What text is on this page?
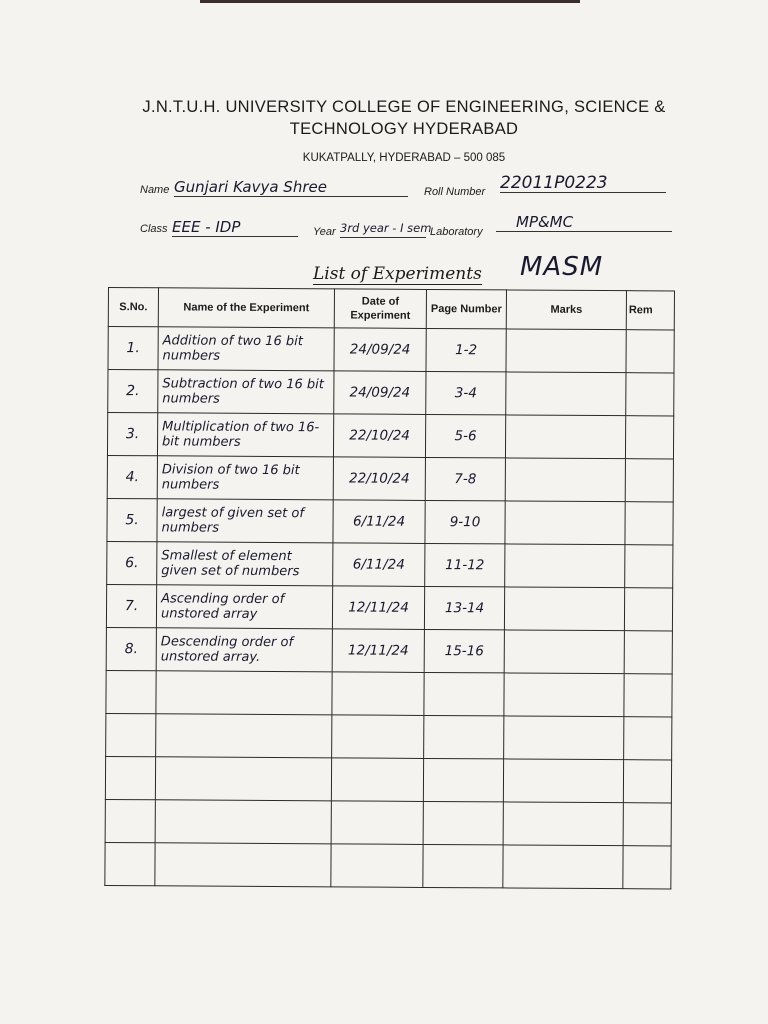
J.N.T.U.H. UNIVERSITY COLLEGE OF ENGINEERING, SCIENCE &
TECHNOLOGY HYDERABAD
KUKATPALLY, HYDERABAD – 500 085
Name Gunjari Kavya Shree	Roll Number 22011P0223
Class EEE - IDP	Year 3rd year - I sem
Laboratory
MP&MC
List of Experiments MASM
S.No.	Name of the Experiment	Date of Experiment	Page Number	Marks	Rem
1.	Addition of two 16 bit numbers	24/09/24	1-2		
2.	Subtraction of two 16 bit numbers	24/09/24	3-4		
3.	Multiplication of two 16-bit numbers	22/10/24	5-6		
4.	Division of two 16 bit numbers	22/10/24	7-8		
5.	largest of given set of numbers	6/11/24	9-10		
6.	Smallest of element given set of numbers	6/11/24	11-12		
7.	Ascending order of unstored array	12/11/24	13-14		
8.	Descending order of unstored array.	12/11/24	15-16		
